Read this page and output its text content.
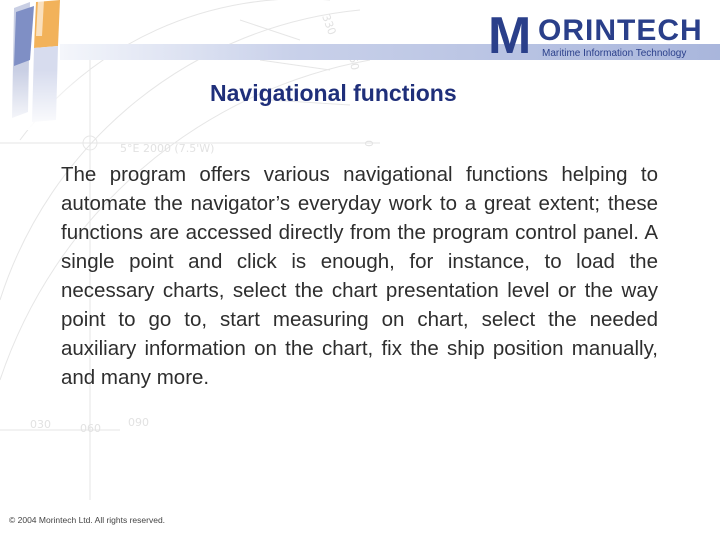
5°E 2000 (7.5'W)
330
0
030	060 090
M ORINTECH
Maritime Information Technology
Navigational functions
The program offers various navigational functions helping to automate the navigator’s everyday work to a great extent; these functions are accessed directly from the program control panel. A single point and click is enough, for instance, to load the necessary charts, select the chart presentation level or the way point to go to, start measuring on chart, select the needed auxiliary information on the chart, fix the ship position manually, and many more.
© 2004 Morintech Ltd. All rights reserved.
